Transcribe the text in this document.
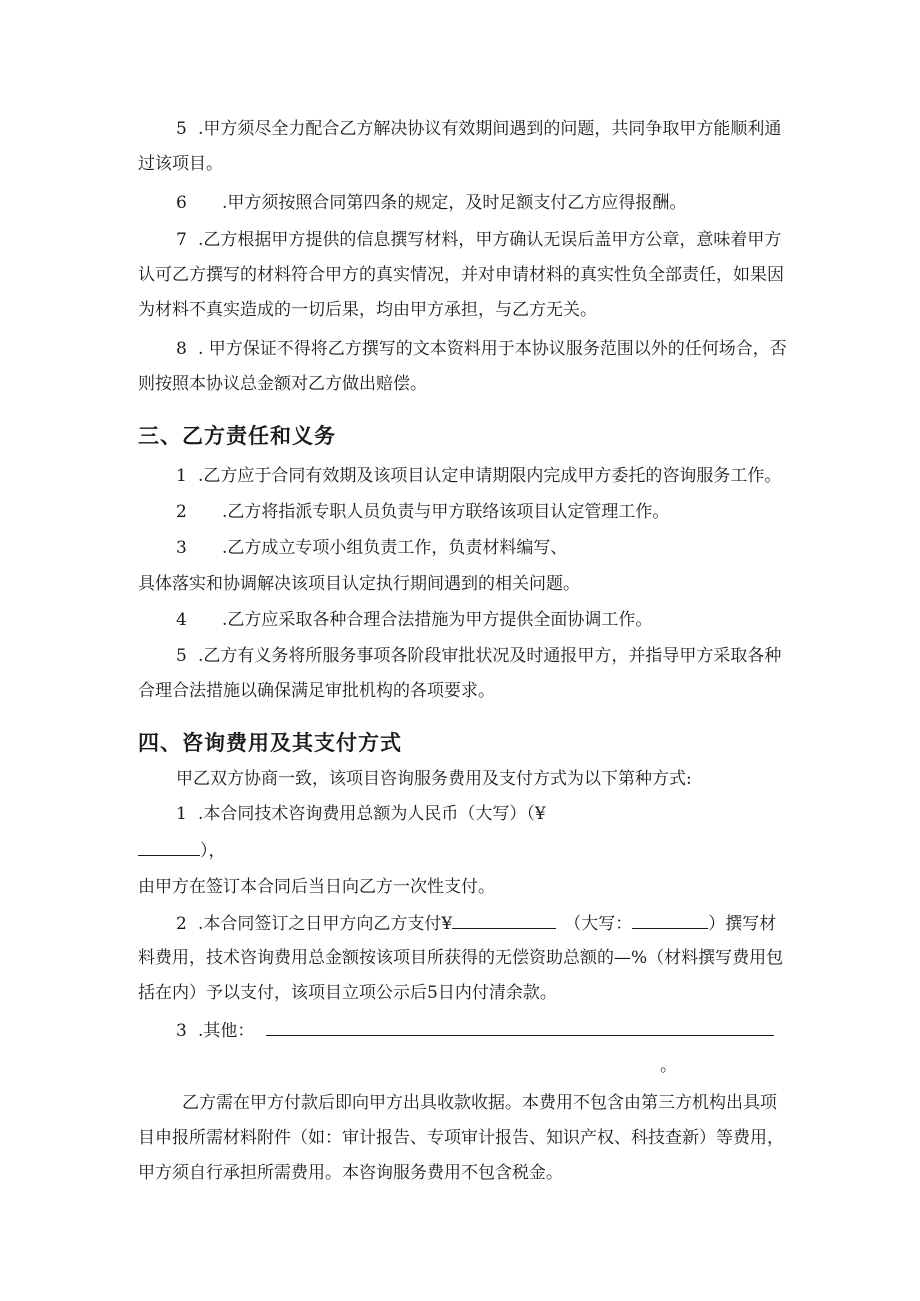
5 .甲方须尽全力配合乙方解决协议有效期间遇到的问题，共同争取甲方能顺利通
过该项目。
6 .甲方须按照合同第四条的规定，及时足额支付乙方应得报酬。
7 .乙方根据甲方提供的信息撰写材料，甲方确认无误后盖甲方公章，意味着甲方
认可乙方撰写的材料符合甲方的真实情况，并对申请材料的真实性负全部责任，如果因
为材料不真实造成的一切后果，均由甲方承担，与乙方无关。
8 . 甲方保证不得将乙方撰写的文本资料用于本协议服务范围以外的任何场合，否
则按照本协议总金额对乙方做出赔偿。
三、乙方责任和义务
1 .乙方应于合同有效期及该项目认定申请期限内完成甲方委托的咨询服务工作。
2 .乙方将指派专职人员负责与甲方联络该项目认定管理工作。
3 .乙方成立专项小组负责工作，负责材料编写、
具体落实和协调解决该项目认定执行期间遇到的相关问题。
4 .乙方应采取各种合理合法措施为甲方提供全面协调工作。
5 .乙方有义务将所服务事项各阶段审批状况及时通报甲方，并指导甲方采取各种
合理合法措施以确保满足审批机构的各项要求。
四、咨询费用及其支付方式
甲乙双方协商一致，该项目咨询服务费用及支付方式为以下第种方式:
1 .本合同技术咨询费用总额为人民币（大写）（¥
），
由甲方在签订本合同后当日向乙方一次性支付。
2 .本合同签订之日甲方向乙方支付¥	（大写：	）撰写材
料费用，技术咨询费用总金额按该项目所获得的无偿资助总额的—%（材料撰写费用包
括在内）予以支付，该项目立项公示后5日内付清余款。
3 .其他：
。
乙方需在甲方付款后即向甲方出具收款收据。本费用不包含由第三方机构出具项
目申报所需材料附件（如：审计报告、专项审计报告、知识产权、科技查新）等费用，
甲方须自行承担所需费用。本咨询服务费用不包含税金。
